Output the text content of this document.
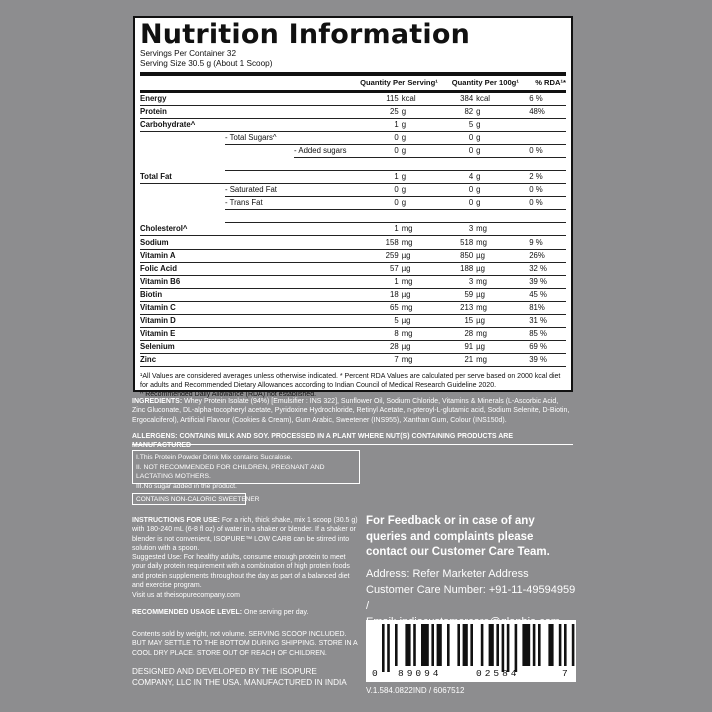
Nutrition Information
Servings Per Container 32
Serving Size 30.5 g (About 1 Scoop)
			Quantity Per Serving¹		Quantity Per 100g¹		% RDA¹*
Energy			115	kcal	384	kcal	6 %
Protein			25	g	82	g	48%
Carbohydrate^			1	g	5	g	
	- Total Sugars^		0	g	0	g	
		- Added sugars	0	g	0	g	0 %

Total Fat			1	g	4	g	2 %
	- Saturated Fat		0	g	0	g	0 %
	- Trans Fat		0	g	0	g	0 %

Cholesterol^			1	mg	3	mg	
Sodium			158	mg	518	mg	9 %
Vitamin A			259	µg	850	µg	26%
Folic Acid			57	µg	188	µg	32 %
Vitamin B6			1	mg	3	mg	39 %
Biotin			18	µg	59	µg	45 %
Vitamin C			65	mg	213	mg	81%
Vitamin D			5	µg	15	µg	31 %
Vitamin E			8	mg	28	mg	85 %
Selenium			28	µg	91	µg	69 %
Zinc			7	mg	21	mg	39 %
¹All Values are considered averages unless otherwise indicated. * Percent RDA Values are calculated per serve based on 2000 kcal diet for adults and Recommended Dietary Allowances according to Indian Council of Medical Research Guideline 2020.
^ Recommended Daily Allowance (RDA) not established.
INGREDIENTS: Whey Protein Isolate (94%) [Emulsifier : INS 322], Sunflower Oil, Sodium Chloride, Vitamins & Minerals (L-Ascorbic Acid, Zinc Gluconate, DL-alpha-tocopheryl acetate, Pyridoxine Hydrochloride, Retinyl Acetate, n-pteroyl-L-glutamic acid, Sodium Selenite, D-Biotin, Ergocalciferol), Artificial Flavour (Cookies & Cream), Gum Arabic, Sweetener (INS955), Xanthan Gum, Colour (INS150d).
ALLERGENS: CONTAINS MILK AND SOY. PROCESSED IN A PLANT WHERE NUT(S) CONTAINING PRODUCTS ARE MANUFACTURED
I.This Protein Powder Drink Mix contains Sucralose.
II. NOT RECOMMENDED FOR CHILDREN, PREGNANT AND LACTATING MOTHERS.
III.No sugar added in the product.
CONTAINS NON-CALORIC SWEETENER
INSTRUCTIONS FOR USE: For a rich, thick shake, mix 1 scoop (30.5 g) with 180-240 mL (6-8 fl oz) of water in a shaker or blender. If a shaker or blender is not convenient, ISOPURE™ LOW CARB can be stirred into solution with a spoon.
Suggested Use: For healthy adults, consume enough protein to meet your daily protein requirement with a combination of high protein foods and protein supplements throughout the day as part of a balanced diet and exercise program.
Visit us at theisopurecompany.com
RECOMMENDED USAGE LEVEL: One serving per day.
Contents sold by weight, not volume. SERVING SCOOP INCLUDED. BUT MAY SETTLE TO THE BOTTOM DURING SHIPPING. STORE IN A COOL DRY PLACE. STORE OUT OF REACH OF CHILDREN.
DESIGNED AND DEVELOPED BY THE ISOPURE COMPANY, LLC IN THE USA. MANUFACTURED IN INDIA
For Feedback or in case of any queries and complaints please contact our Customer Care Team.
Address: Refer Marketer Address
Customer Care Number: +91-11-49594959 /
0 89094	02584	7
V.1.584.0822IND / 6067512
